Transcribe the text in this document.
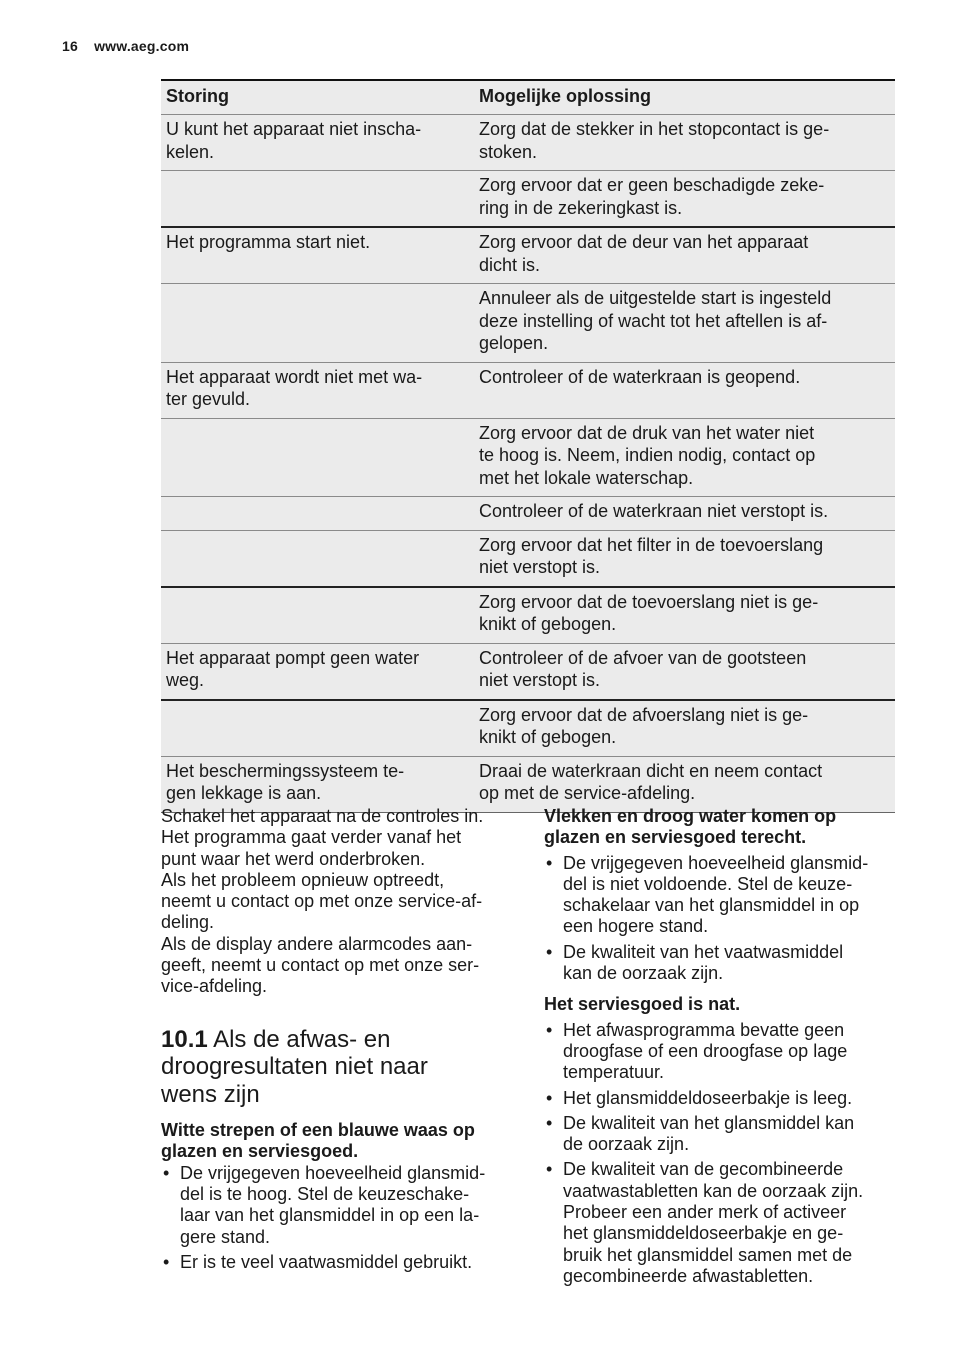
16 www.aeg.com
Storing	Mogelijke oplossing
U kunt het apparaat niet inscha-
kelen.	Zorg dat de stekker in het stopcontact is ge-
stoken.
	Zorg ervoor dat er geen beschadigde zeke-
ring in de zekeringkast is.
Het programma start niet.	Zorg ervoor dat de deur van het apparaat
dicht is.
	Annuleer als de uitgestelde start is ingesteld
deze instelling of wacht tot het aftellen is af-
gelopen.
Het apparaat wordt niet met wa-
ter gevuld.	Controleer of de waterkraan is geopend.
	Zorg ervoor dat de druk van het water niet
te hoog is. Neem, indien nodig, contact op
met het lokale waterschap.
	Controleer of de waterkraan niet verstopt is.
	Zorg ervoor dat het filter in de toevoerslang
niet verstopt is.
	Zorg ervoor dat de toevoerslang niet is ge-
knikt of gebogen.
Het apparaat pompt geen water
weg.	Controleer of de afvoer van de gootsteen
niet verstopt is.
	Zorg ervoor dat de afvoerslang niet is ge-
knikt of gebogen.
Het beschermingssysteem te-
gen lekkage is aan.	Draai de waterkraan dicht en neem contact
op met de service-afdeling.

Schakel het apparaat na de controles in.
Het programma gaat verder vanaf het
punt waar het werd onderbroken.
Als het probleem opnieuw optreedt,
neemt u contact op met onze service-af-
deling.
Als de display andere alarmcodes aan-
geeft, neemt u contact op met onze ser-
vice-afdeling.

10.1 Als de afwas- en
droogresultaten niet naar
wens zijn

Witte strepen of een blauwe waas op
glazen en serviesgoed.

• De vrijgegeven hoeveelheid glansmid-
del is te hoog. Stel de keuzeschake-
laar van het glansmiddel in op een la-
gere stand.
• Er is te veel vaatwasmiddel gebruikt.

Vlekken en droog water komen op
glazen en serviesgoed terecht.

• De vrijgegeven hoeveelheid glansmid-
del is niet voldoende. Stel de keuze-
schakelaar van het glansmiddel in op
een hogere stand.
• De kwaliteit van het vaatwasmiddel
kan de oorzaak zijn.

Het serviesgoed is nat.

• Het afwasprogramma bevatte geen
droogfase of een droogfase op lage
temperatuur.
• Het glansmiddeldoseerbakje is leeg.
• De kwaliteit van het glansmiddel kan
de oorzaak zijn.
• De kwaliteit van de gecombineerde
vaatwastabletten kan de oorzaak zijn.
Probeer een ander merk of activeer
het glansmiddeldoseerbakje en ge-
bruik het glansmiddel samen met de
gecombineerde afwastabletten.
